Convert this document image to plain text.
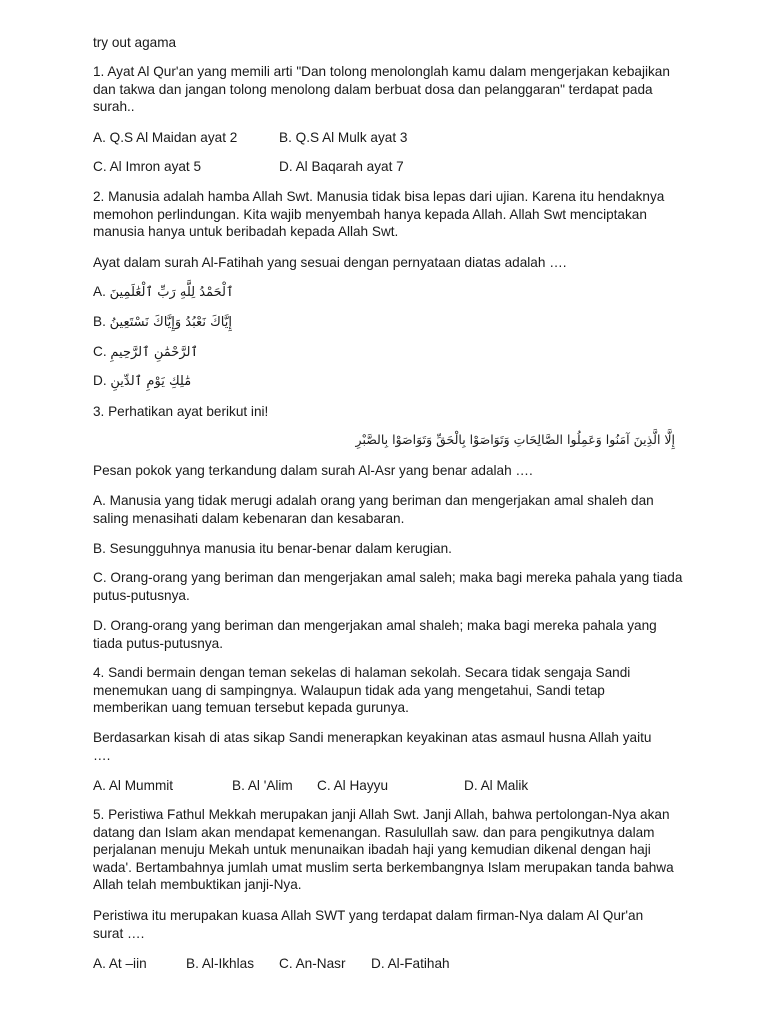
try out agama

1. Ayat Al Qur'an yang memili arti "Dan tolong menolonglah kamu dalam mengerjakan kebajikan dan takwa dan jangan tolong menolong dalam berbuat dosa dan pelanggaran" terdapat pada surah..

A. Q.S Al Maidan ayat 2	B. Q.S Al Mulk ayat 3
C. Al Imron ayat 5	D. Al Baqarah ayat 7

2. Manusia adalah hamba Allah Swt. Manusia tidak bisa lepas dari ujian. Karena itu hendaknya memohon perlindungan. Kita wajib menyembah hanya kepada Allah. Allah Swt menciptakan manusia hanya untuk beribadah kepada Allah Swt.

Ayat dalam surah Al-Fatihah yang sesuai dengan pernyataan diatas adalah ….

A. ٱلْحَمْدُ لِلَّهِ رَبِّ ٱلْعَٰلَمِينَ
B. إِيَّاكَ نَعْبُدُ وَإِيَّاكَ نَسْتَعِينُ
C. ٱلرَّحْمَٰنِ ٱلرَّحِيمِ
D. مَٰلِكِ يَوْمِ ٱلدِّينِ

3. Perhatikan ayat berikut ini!

إِلَّا الَّذِينَ آمَنُوا وَعَمِلُوا الصَّالِحَاتِ وَتَوَاصَوْا بِالْحَقِّ وَتَوَاصَوْا بِالصَّبْرِ

Pesan pokok yang terkandung dalam surah Al-Asr yang benar adalah ….

A. Manusia yang tidak merugi adalah orang yang beriman dan mengerjakan amal shaleh dan saling menasihati dalam kebenaran dan kesabaran.

B. Sesungguhnya manusia itu benar-benar dalam kerugian.

C. Orang-orang yang beriman dan mengerjakan amal saleh; maka bagi mereka pahala yang tiada putus-putusnya.

D. Orang-orang yang beriman dan mengerjakan amal shaleh; maka bagi mereka pahala yang tiada putus-putusnya.

4. Sandi bermain dengan teman sekelas di halaman sekolah. Secara tidak sengaja Sandi menemukan uang di sampingnya. Walaupun tidak ada yang mengetahui, Sandi tetap memberikan uang temuan tersebut kepada gurunya.

Berdasarkan kisah di atas sikap Sandi menerapkan keyakinan atas asmaul husna Allah yaitu ….

A. Al Mummit	B. Al 'Alim C. Al Hayyu	D. Al Malik

5. Peristiwa Fathul Mekkah merupakan janji Allah Swt. Janji Allah, bahwa pertolongan-Nya akan datang dan Islam akan mendapat kemenangan. Rasulullah saw. dan para pengikutnya dalam perjalanan menuju Mekah untuk menunaikan ibadah haji yang kemudian dikenal dengan haji wada'. Bertambahnya jumlah umat muslim serta berkembangnya Islam merupakan tanda bahwa Allah telah membuktikan janji-Nya.

Peristiwa itu merupakan kuasa Allah SWT yang terdapat dalam firman-Nya dalam Al Qur'an surat ….

A. At –iin	B. Al-Ikhlas C. An-Nasr D. Al-Fatihah
